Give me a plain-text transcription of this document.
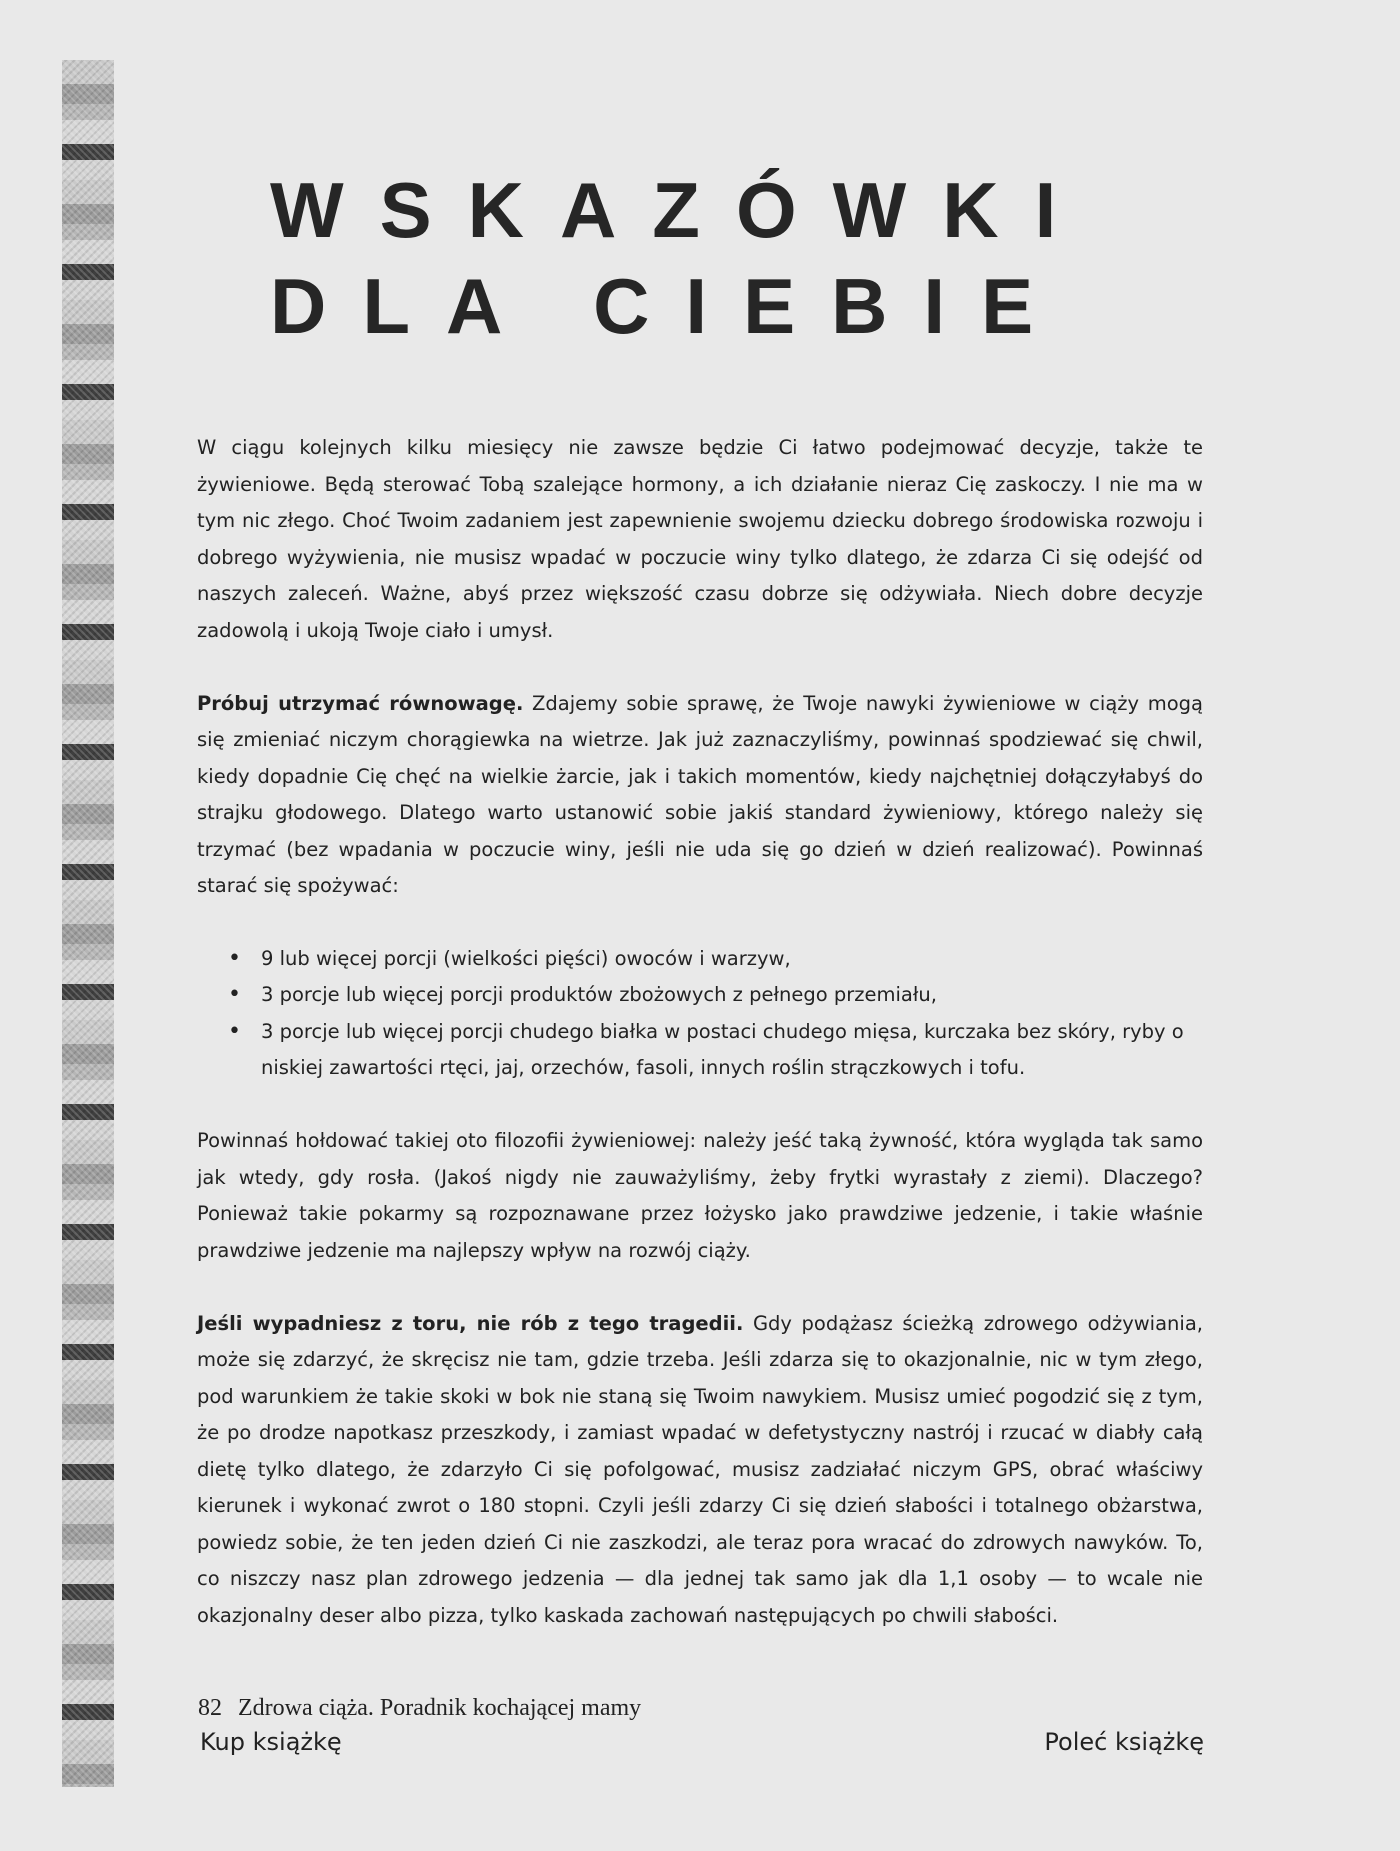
WSKAZÓWKI
DLA CIEBIE

W ciągu kolejnych kilku miesięcy nie zawsze będzie Ci łatwo podejmować decyzje, także te żywieniowe. Będą sterować Tobą szalejące hormony, a ich działanie nieraz Cię zaskoczy. I nie ma w tym nic złego. Choć Twoim zadaniem jest zapewnienie swojemu dziecku dobrego środowiska rozwoju i dobrego wyżywienia, nie musisz wpadać w poczucie winy tylko dlatego, że zdarza Ci się odejść od naszych zaleceń. Ważne, abyś przez większość czasu dobrze się odżywiała. Niech dobre decyzje zadowolą i ukoją Twoje ciało i umysł.

Próbuj utrzymać równowagę. Zdajemy sobie sprawę, że Twoje nawyki żywieniowe w ciąży mogą się zmieniać niczym chorągiewka na wietrze. Jak już zaznaczyliśmy, powinnaś spodziewać się chwil, kiedy dopadnie Cię chęć na wielkie żarcie, jak i takich momentów, kiedy najchętniej dołączyłabyś do strajku głodowego. Dlatego warto ustanowić sobie jakiś standard żywieniowy, którego należy się trzymać (bez wpadania w poczucie winy, jeśli nie uda się go dzień w dzień realizować). Powinnaś starać się spożywać:

• 9 lub więcej porcji (wielkości pięści) owoców i warzyw,
• 3 porcje lub więcej porcji produktów zbożowych z pełnego przemiału,
• 3 porcje lub więcej porcji chudego białka w postaci chudego mięsa, kurczaka bez skóry, ryby o niskiej zawartości rtęci, jaj, orzechów, fasoli, innych roślin strączkowych i tofu.

Powinnaś hołdować takiej oto filozofii żywieniowej: należy jeść taką żywność, która wygląda tak samo jak wtedy, gdy rosła. (Jakoś nigdy nie zauważyliśmy, żeby frytki wyrastały z ziemi). Dlaczego? Ponieważ takie pokarmy są rozpoznawane przez łożysko jako prawdziwe jedzenie, i takie właśnie prawdziwe jedzenie ma najlepszy wpływ na rozwój ciąży.

Jeśli wypadniesz z toru, nie rób z tego tragedii. Gdy podążasz ścieżką zdrowego odżywiania, może się zdarzyć, że skręcisz nie tam, gdzie trzeba. Jeśli zdarza się to okazjonalnie, nic w tym złego, pod warunkiem że takie skoki w bok nie staną się Twoim nawykiem. Musisz umieć pogodzić się z tym, że po drodze napotkasz przeszkody, i zamiast wpadać w defetystyczny nastrój i rzucać w diabły całą dietę tylko dlatego, że zdarzyło Ci się pofolgować, musisz zadziałać niczym GPS, obrać właściwy kierunek i wykonać zwrot o 180 stopni. Czyli jeśli zdarzy Ci się dzień słabości i totalnego obżarstwa, powiedz sobie, że ten jeden dzień Ci nie zaszkodzi, ale teraz pora wracać do zdrowych nawyków. To, co niszczy nasz plan zdrowego jedzenia — dla jednej tak samo jak dla 1,1 osoby — to wcale nie okazjonalny deser albo pizza, tylko kaskada zachowań następujących po chwili słabości.

82 Zdrowa ciąża. Poradnik kochającej mamy
Kup książkę	Poleć książkę
